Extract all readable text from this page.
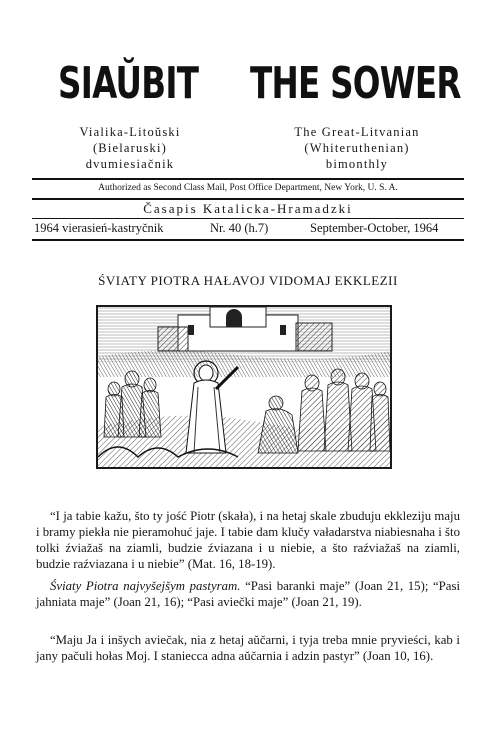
SIAŬBIT THE SOWER
Vialika-Litoŭski
(Bielaruski)
dvumiesiačnik
The Great-Litvanian
(Whiteruthenian)
bimonthly
Authorized as Second Class Mail, Post Office Department, New York, U. S. A.
Časapis Katalicka-Hramadzki
1964 vierasień-kastryčnik	Nr. 40 (h.7)	September-October, 1964
ŚVIATY PIOTRA HAŁAVOJ VIDOMAJ EKKLEZII
“I ja tabie kažu, što ty jość Piotr (skała), i na hetaj skale zbuduju ekkleziju maju i bramy piekła nie pieramohuć jaje. I tabie dam klučy vaładarstva niabiesnaha i što tolki źviažaš na ziamli, budzie źviazana i u niebie, a što raźviažaš na ziamli, budzie raźviazana i u niebie” (Mat. 16, 18-19).
Śviaty Piotra najvyšejšym pastyram. “Pasi baranki maje” (Joan 21, 15); “Pasi jahniata maje” (Joan 21, 16); “Pasi aviečki maje” (Joan 21, 19).
“Maju Ja i inšych aviečak, nia z hetaj aŭčarni, i tyja treba mnie pryvieści, kab i jany pačuli hołas Moj. I staniecca adna aŭčarnia i adzin pastyr” (Joan 10, 16).
